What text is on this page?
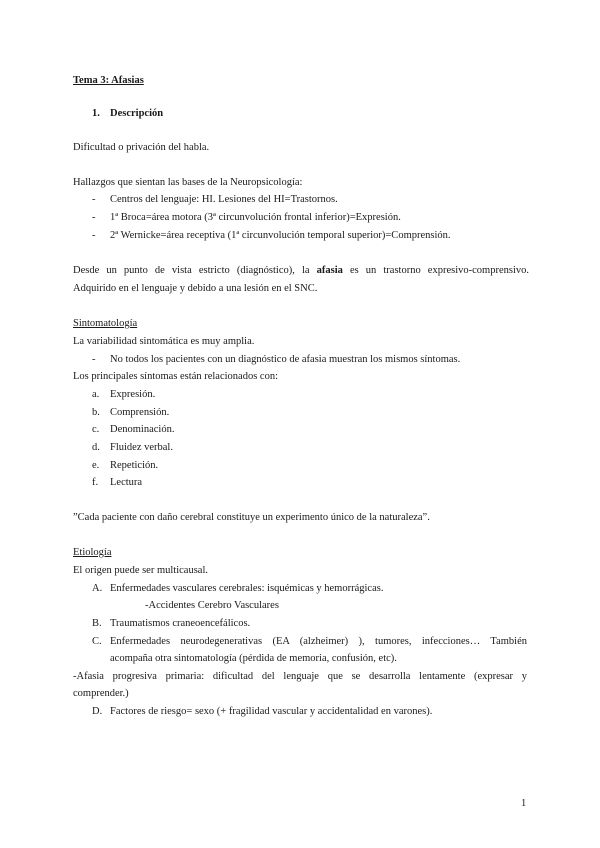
Tema 3: Afasias
1. Descripción
Dificultad o privación del habla.
Hallazgos que sientan las bases de la Neuropsicología:
- Centros del lenguaje: HI. Lesiones del HI=Trastornos.
- 1ª Broca=área motora (3ª circunvolución frontal inferior)=Expresión.
- 2ª Wernicke=área receptiva (1ª circunvolución temporal superior)=Comprensión.
Desde un punto de vista estricto (diagnóstico), la afasia es un trastorno expresivo-comprensivo.
Adquirido en el lenguaje y debido a una lesión en el SNC.
Sintomatología
La variabilidad sintomática es muy amplia.
- No todos los pacientes con un diagnóstico de afasia muestran los mismos síntomas.
Los principales síntomas están relacionados con:
a. Expresión.
b. Comprensión.
c. Denominación.
d. Fluidez verbal.
e. Repetición.
f. Lectura
”Cada paciente con daño cerebral constituye un experimento único de la naturaleza”.
Etiología
El origen puede ser multicausal.
A. Enfermedades vasculares cerebrales: isquémicas y hemorrágicas.
-Accidentes Cerebro Vasculares
B. Traumatismos craneoencefálicos.
C. Enfermedades neurodegenerativas (EA (alzheimer) ), tumores, infecciones… También
acompaña otra sintomatología (pérdida de memoria, confusión, etc).
-Afasia progresiva primaria: dificultad del lenguaje que se desarrolla lentamente (expresar y
comprender.)
D. Factores de riesgo= sexo (+ fragilidad vascular y accidentalidad en varones).
1
